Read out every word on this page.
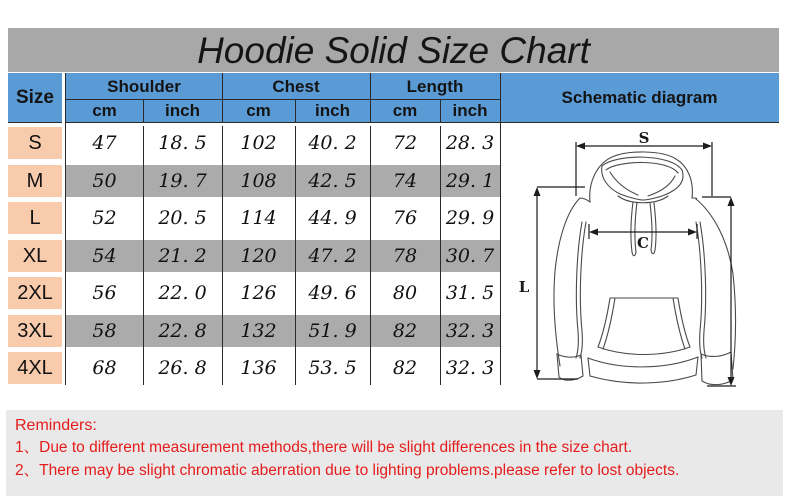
Hoodie Solid Size Chart
Size
Shoulder	Chest	Length
cm	inch	cm	inch	cm	inch
Schematic diagram
S	47	18. 5	102	40. 2	72	28. 3
M	50	19. 7	108	42. 5	74	29. 1
L	52	20. 5	114	44. 9	76	29. 9
XL	54	21. 2	120	47. 2	78	30. 7
2XL	56	22. 0	126	49. 6	80	31. 5
3XL	58	22. 8	132	51. 9	82	32. 3
4XL	68	26. 8	136	53. 5	82	32. 3
S
C
L
Reminders:
1、Due to different measurement methods,there will be slight differences in the size chart.
2、There may be slight chromatic aberration due to lighting problems.please refer to lost objects.
